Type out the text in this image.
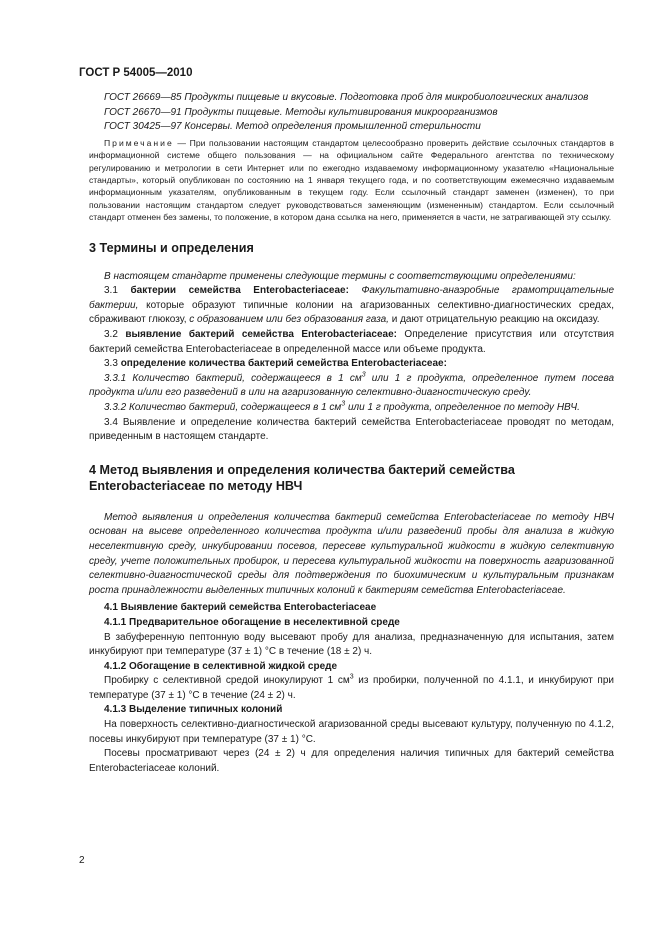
ГОСТ Р 54005—2010

ГОСТ 26669—85 Продукты пищевые и вкусовые. Подготовка проб для микробиологических анализов

ГОСТ 26670—91 Продукты пищевые. Методы культивирования микроорганизмов

ГОСТ 30425—97 Консервы. Метод определения промышленной стерильности

Примечание — При пользовании настоящим стандартом целесообразно проверить действие ссылочных стандартов в информационной системе общего пользования — на официальном сайте Федерального агентства по техническому регулированию и метрологии в сети Интернет или по ежегодно издаваемому информационному указателю «Национальные стандарты», который опубликован по состоянию на 1 января текущего года, и по соответствующим ежемесячно издаваемым информационным указателям, опубликованным в текущем году. Если ссылочный стандарт заменен (изменен), то при пользовании настоящим стандартом следует руководствоваться заменяющим (измененным) стандартом. Если ссылочный стандарт отменен без замены, то положение, в котором дана ссылка на него, применяется в части, не затрагивающей эту ссылку.

3 Термины и определения

В настоящем стандарте применены следующие термины с соответствующими определениями:

3.1 бактерии семейства Enterobacteriaceae: Факультативно-анаэробные грамотрицательные бактерии, которые образуют типичные колонии на агаризованных селективно-диагностических средах, сбраживают глюкозу, с образованием или без образования газа, и дают отрицательную реакцию на оксидазу.

3.2 выявление бактерий семейства Enterobacteriaceae: Определение присутствия или отсутствия бактерий семейства Enterobacteriaceae в определенной массе или объеме продукта.

3.3 определение количества бактерий семейства Enterobacteriaceae:

3.3.1 Количество бактерий, содержащееся в 1 $см^3$ или 1 г продукта, определенное путем посева продукта и/или его разведений в или на агаризованную селективно-диагностическую среду.

3.3.2 Количество бактерий, содержащееся в 1 $см^3$ или 1 г продукта, определенное по методу НВЧ.

3.4 Выявление и определение количества бактерий семейства Enterobacteriaceae проводят по методам, приведенным в настоящем стандарте.

4 Метод выявления и определения количества бактерий семейства Enterobacteriaceae по методу НВЧ

Метод выявления и определения количества бактерий семейства Enterobacteriaceae по методу НВЧ основан на высеве определенного количества продукта и/или разведений пробы для анализа в жидкую неселективную среду, инкубировании посевов, пересеве культуральной жидкости в жидкую селективную среду, учете положительных пробирок, и пересева культуральной жидкости на поверхность агаризованной селективно-диагностической среды для подтверждения по биохимическим и культуральным признакам роста принадлежности выделенных типичных колоний к бактериям семейства Enterobacteriaceae.

4.1 Выявление бактерий семейства Enterobacteriaceae

4.1.1 Предварительное обогащение в неселективной среде

В забуференную пептонную воду высевают пробу для анализа, предназначенную для испытания, затем инкубируют при температуре (37 ± 1) °С в течение (18 ± 2) ч.

4.1.2 Обогащение в селективной жидкой среде

Пробирку с селективной средой инокулируют 1 $см^3$ из пробирки, полученной по 4.1.1, и инкубируют при температуре (37 ± 1) °С в течение (24 ± 2) ч.

4.1.3 Выделение типичных колоний

На поверхность селективно-диагностической агаризованной среды высевают культуру, полученную по 4.1.2, посевы инкубируют при температуре (37 ± 1) °С.

Посевы просматривают через (24 ± 2) ч для определения наличия типичных для бактерий семейства Enterobacteriaceae колоний.

2
